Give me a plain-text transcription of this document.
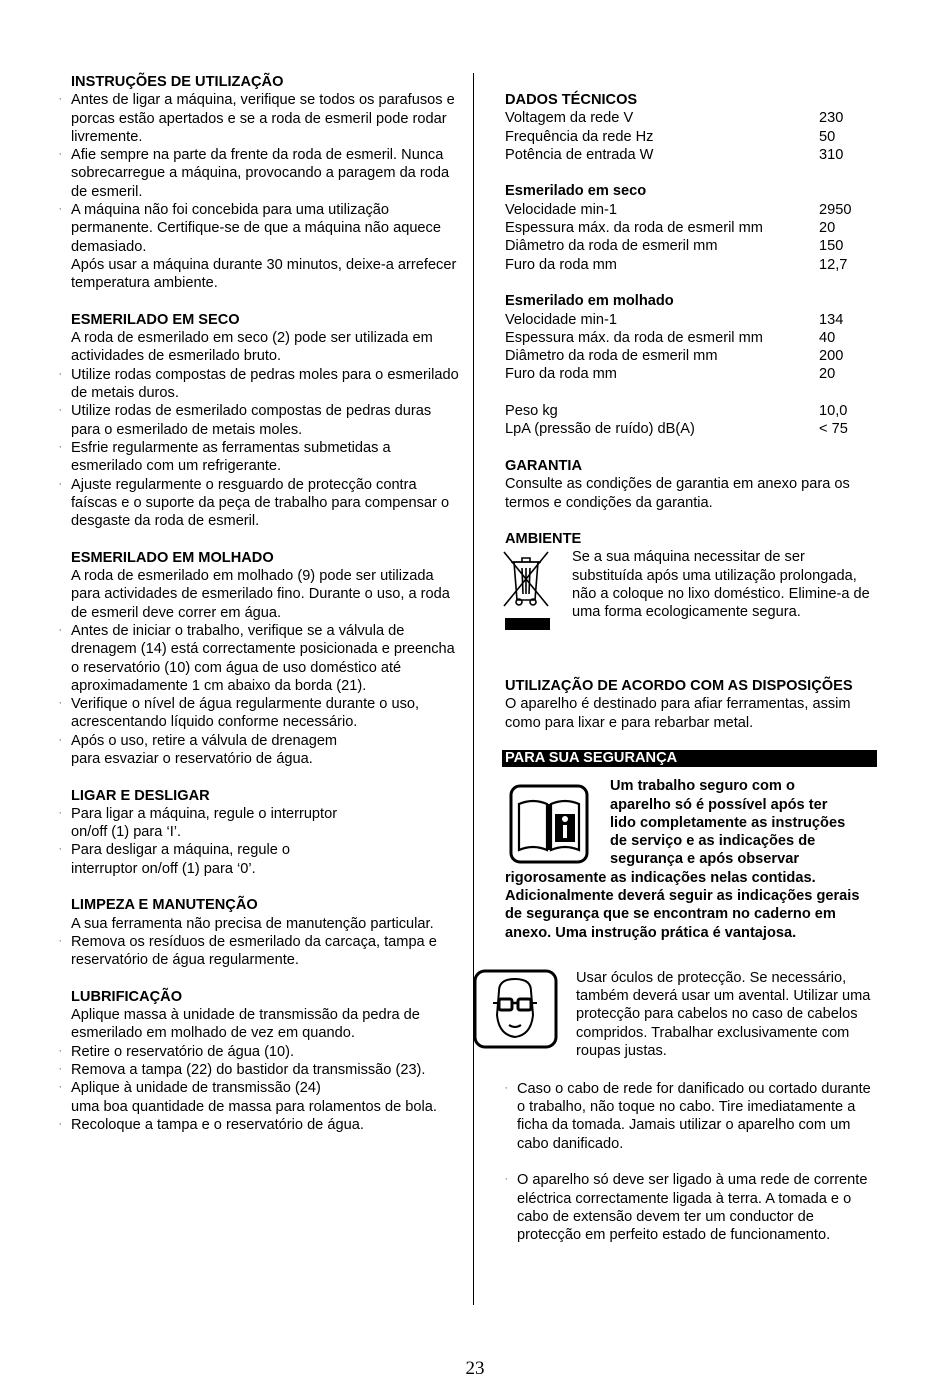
INSTRUÇÕES DE UTILIZAÇÃO
, Antes de ligar a máquina, verifique se todos os parafusos e porcas estão apertados e se a roda de esmeril pode rodar livremente.
, Afie sempre na parte da frente da roda de esmeril. Nunca sobrecarregue a máquina, provocando a paragem da roda de esmeril.
, A máquina não foi concebida para uma utilização permanente. Certifique-se de que a máquina não aquece demasiado.
Após usar a máquina durante 30 minutos, deixe-a arrefecer temperatura ambiente.
ESMERILADO EM SECO
A roda de esmerilado em seco (2) pode ser utilizada em actividades de esmerilado bruto.
, Utilize rodas compostas de pedras moles para o esmerilado de metais duros.
, Utilize rodas de esmerilado compostas de pedras duras para o esmerilado de metais moles.
, Esfrie regularmente as ferramentas submetidas a esmerilado com um refrigerante.
, Ajuste regularmente o resguardo de protecção contra faíscas e o suporte da peça de trabalho para compensar o
desgaste da roda de esmeril.
ESMERILADO EM MOLHADO
A roda de esmerilado em molhado (9) pode ser utilizada para actividades de esmerilado fino. Durante o uso, a roda de esmeril deve correr em água.
, Antes de iniciar o trabalho, verifique se a válvula de drenagem (14) está correctamente posicionada e preencha o reservatório (10) com água de uso doméstico até aproximadamente 1 cm abaixo da borda (21).
, Verifique o nível de água regularmente durante o uso, acrescentando líquido conforme necessário.
, Após o uso, retire a válvula de drenagem
para esvaziar o reservatório de água.
LIGAR E DESLIGAR
, Para ligar a máquina, regule o interruptor
on/off (1) para ‘I’.
, Para desligar a máquina, regule o
interruptor on/off (1) para ‘0’.
LIMPEZA E MANUTENÇÃO
A sua ferramenta não precisa de manutenção particular.
, Remova os resíduos de esmerilado da carcaça, tampa e reservatório de água regularmente.
LUBRIFICAÇÃO
Aplique massa à unidade de transmissão da pedra de esmerilado em molhado de vez em quando.
, Retire o reservatório de água (10).
, Remova a tampa (22) do bastidor da transmissão (23).
, Aplique à unidade de transmissão (24)
uma boa quantidade de massa para rolamentos de bola.
, Recoloque a tampa e o reservatório de água.
DADOS TÉCNICOS
Voltagem da rede V	230
Frequência da rede Hz	50
Potência de entrada W	310
Esmerilado em seco
Velocidade min-1	2950
Espessura máx. da roda de esmeril mm	20
Diâmetro da roda de esmeril mm	150
Furo da roda mm	12,7
Esmerilado em molhado
Velocidade min-1	134
Espessura máx. da roda de esmeril mm	40
Diâmetro da roda de esmeril mm	200
Furo da roda mm	20
Peso kg	10,0
LpA (pressão de ruído) dB(A)	< 75
GARANTIA
Consulte as condições de garantia em anexo para os termos e condições da garantia.
AMBIENTE
Se a sua máquina necessitar de ser substituída após uma utilização prolongada, não a coloque no lixo doméstico. Elimine-a de uma forma ecologicamente segura.
UTILIZAÇÃO DE ACORDO COM AS DISPOSIÇÕES
O aparelho é destinado para afiar ferramentas, assim como para lixar e para rebarbar metal.
PARA SUA SEGURANÇA
Um trabalho seguro com o
aparelho só é possível após ter
lido completamente as instruções
de serviço e as indicações de
segurança e após observar
rigorosamente as indicações nelas contidas. Adicionalmente deverá seguir as indicações gerais de segurança que se encontram no caderno em anexo. Uma instrução prática é vantajosa.
Usar óculos de protecção. Se necessário, também deverá usar um avental. Utilizar uma protecção para cabelos no caso de cabelos compridos. Trabalhar exclusivamente com roupas justas.
, Caso o cabo de rede for danificado ou cortado durante o trabalho, não toque no cabo. Tire imediatamente a ficha da tomada. Jamais utilizar o aparelho com um cabo danificado.
, O aparelho só deve ser ligado à uma rede de corrente eléctrica correctamente ligada à terra. A tomada e o cabo de extensão devem ter um conductor de protecção em perfeito estado de funcionamento.
23
